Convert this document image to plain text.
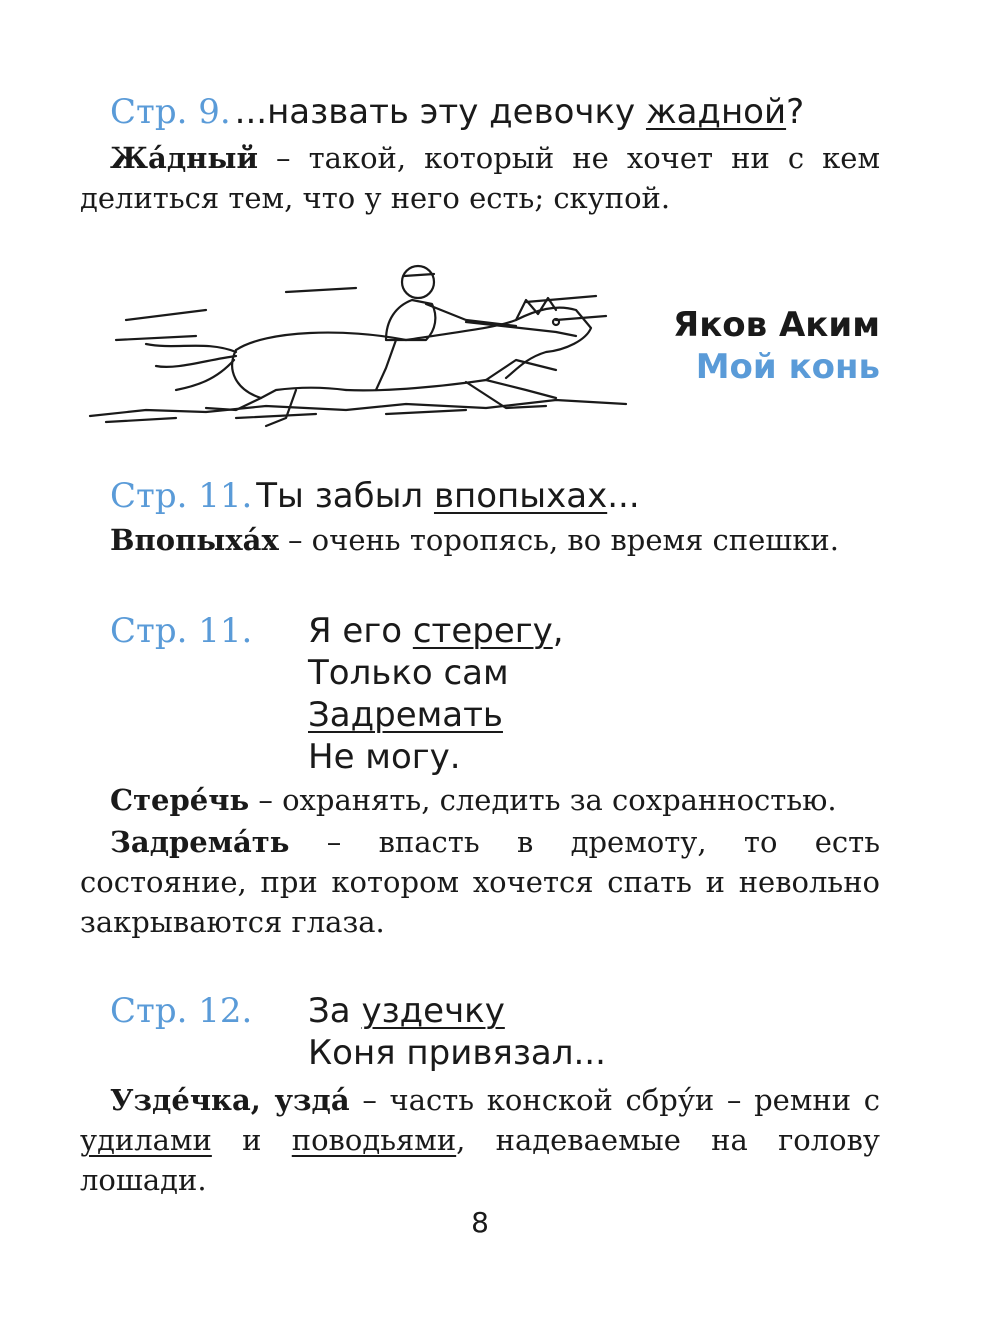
Стр. 9. ...назвать эту девочку жадной?
Жа́дный – такой, который не хочет ни с кем делиться тем, что у него есть; скупой.
Яков Аким
Мой конь
Стр. 11. Ты забыл впопыхах...
Впопыха́х – очень торопясь, во время спешки.
Стр. 11. Я его стерегу,
Только сам
Задремать
Не могу.
Стере́чь – охранять, следить за сохранностью.
Задрема́ть – впасть в дремоту, то есть состояние, при котором хочется спать и невольно закрываются глаза.
Стр. 12. За уздечку
Коня привязал...
Узде́чка, узда́ – часть конской сбру́и – ремни с удилами и поводьями, надеваемые на голову лошади.
8
